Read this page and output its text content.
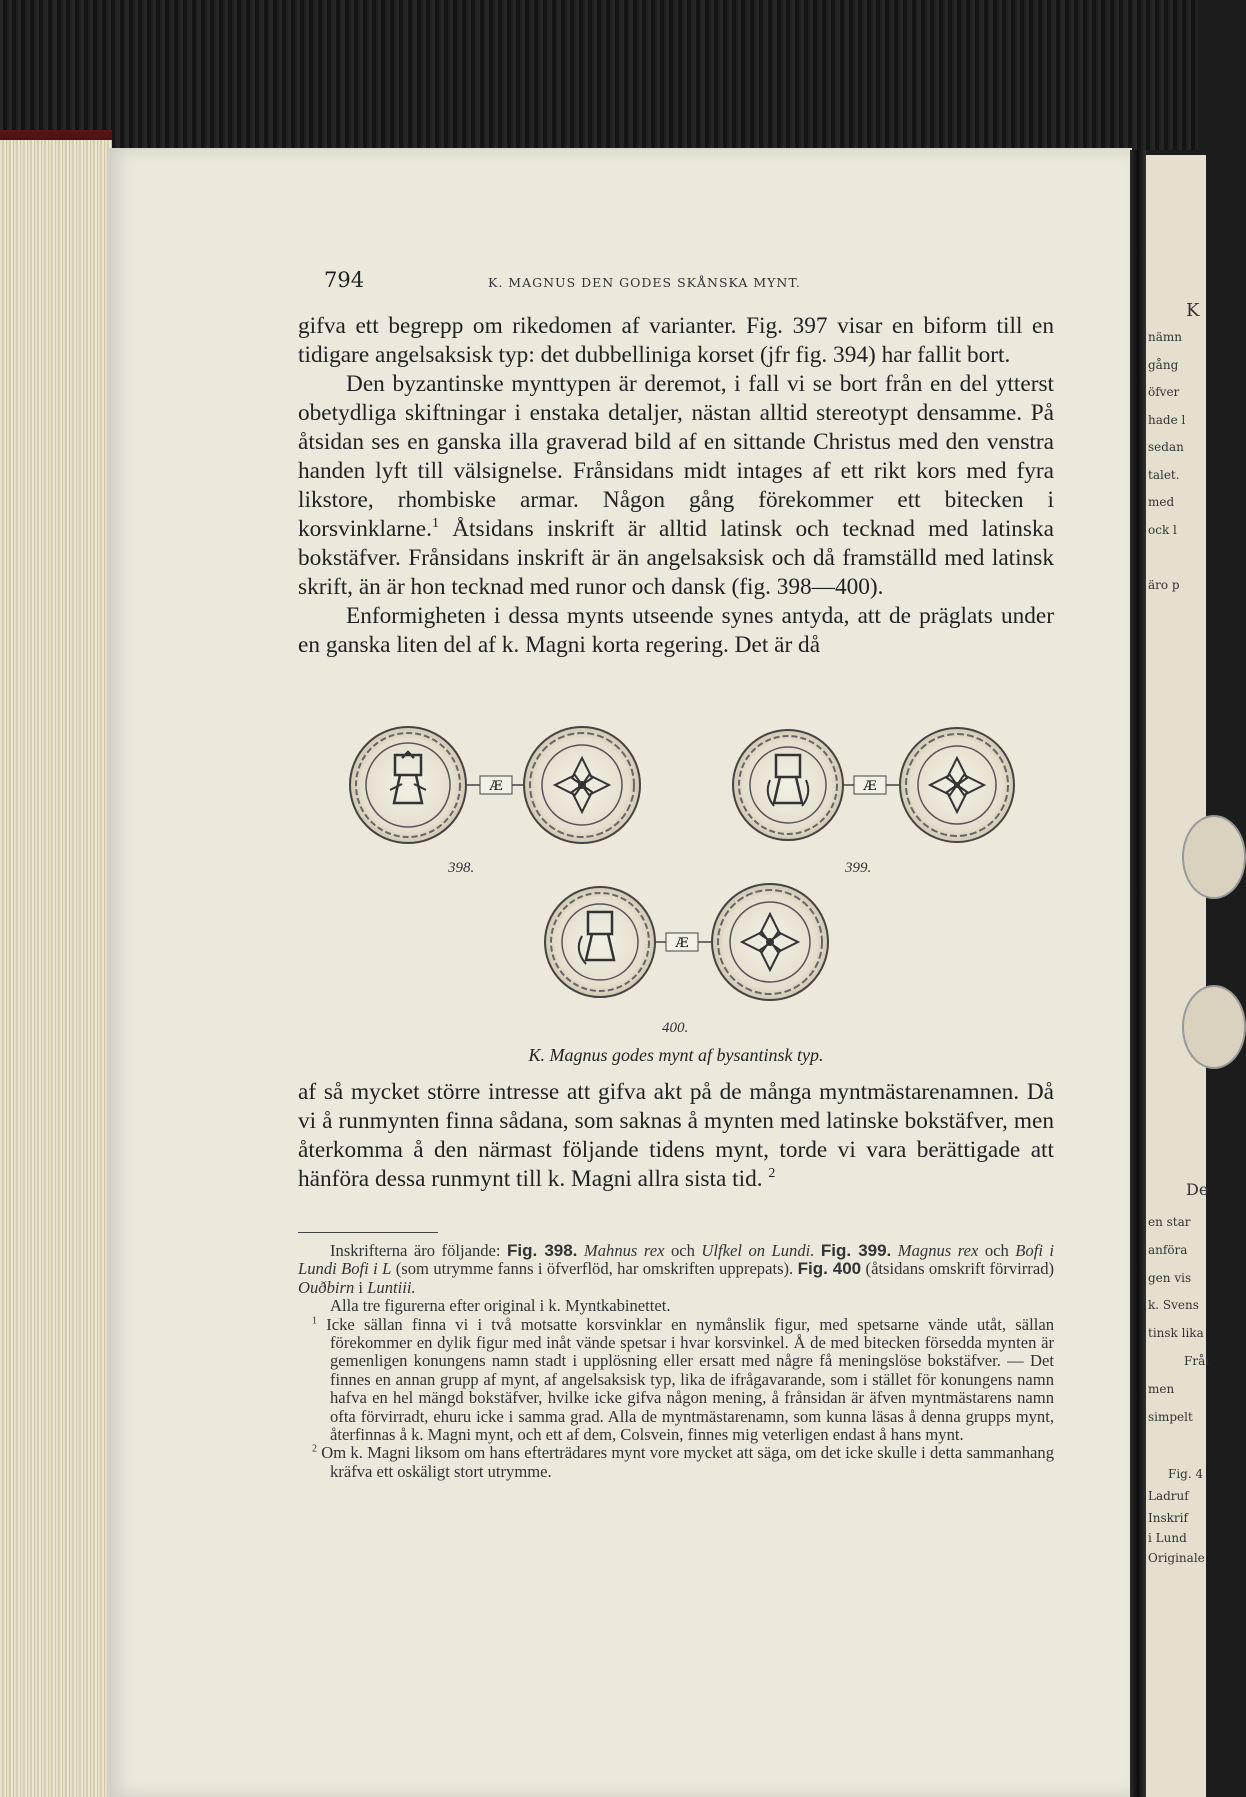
K
nämn
gång
öfver
hade l
sedan
talet.
med
ock l
äro p
De
en star
anföra
gen vis
k. Svens
tinsk lika
Fråi
men
simpelt
Fig. 4
Ladruf
Inskrif
i Lund
Originale
794	K. MAGNUS DEN GODES SKÅNSKA MYNT.

gifva ett begrepp om rikedomen af varianter. Fig. 397 visar en biform till en tidigare angelsaksisk typ: det dubbelliniga korset (jfr fig. 394) har fallit bort.

Den byzantinske mynttypen är deremot, i fall vi se bort från en del ytterst obetydliga skiftningar i enstaka detaljer, nästan alltid stereotypt densamme. På åtsidan ses en ganska illa graverad bild af en sittande Christus med den venstra handen lyft till välsignelse. Frånsidans midt intages af ett rikt kors med fyra likstore, rhombiske armar. Någon gång förekommer ett bitecken i korsvinklarne.$^1$ Åtsidans inskrift är alltid latinsk och tecknad med latinska bokstäfver. Frånsidans inskrift är än angelsaksisk och då framställd med latinsk skrift, än är hon tecknad med runor och dansk (fig. 398—400).

Enformigheten i dessa mynts utseende synes antyda, att de präglats under en ganska liten del af k. Magni korta regering. Det är då

Æ	Æ
Æ
398.	399.
400.
K. Magnus godes mynt af bysantinsk typ.

af så mycket större intresse att gifva akt på de många myntmästarenamnen. Då vi å runmynten finna sådana, som saknas å mynten med latinske bokstäfver, men återkomma å den närmast följande tidens mynt, torde vi vara berättigade att hänföra dessa runmynt till k. Magni allra sista tid. $^2$

Inskrifterna äro följande: Fig. 398. Mahnus rex och Ulfkel on Lundi. Fig. 399. Magnus rex och Bofi i Lundi Bofi i L (som utrymme fanns i öfverflöd, har omskriften upprepats). Fig. 400 (åtsidans omskrift förvirrad) Ouðbirn i Luntiii.

Alla tre figurerna efter original i k. Myntkabinettet.

$^1$ Icke sällan finna vi i två motsatte korsvinklar en nymånslik figur, med spetsarne vände utåt, sällan förekommer en dylik figur med inåt vände spetsar i hvar korsvinkel. Å de med bitecken försedda mynten är gemenligen konungens namn stadt i upplösning eller ersatt med någre få meningslöse bokstäfver. — Det finnes en annan grupp af mynt, af angelsaksisk typ, lika de ifrågavarande, som i stället för konungens namn hafva en hel mängd bokstäfver, hvilke icke gifva någon mening, å frånsidan är äfven myntmästarens namn ofta förvirradt, ehuru icke i samma grad. Alla de myntmästarenamn, som kunna läsas å denna grupps mynt, återfinnas å k. Magni mynt, och ett af dem, Colsvein, finnes mig veterligen endast å hans mynt.

$^2$ Om k. Magni liksom om hans efterträdares mynt vore mycket att säga, om det icke skulle i detta sammanhang kräfva ett oskäligt stort utrymme.
